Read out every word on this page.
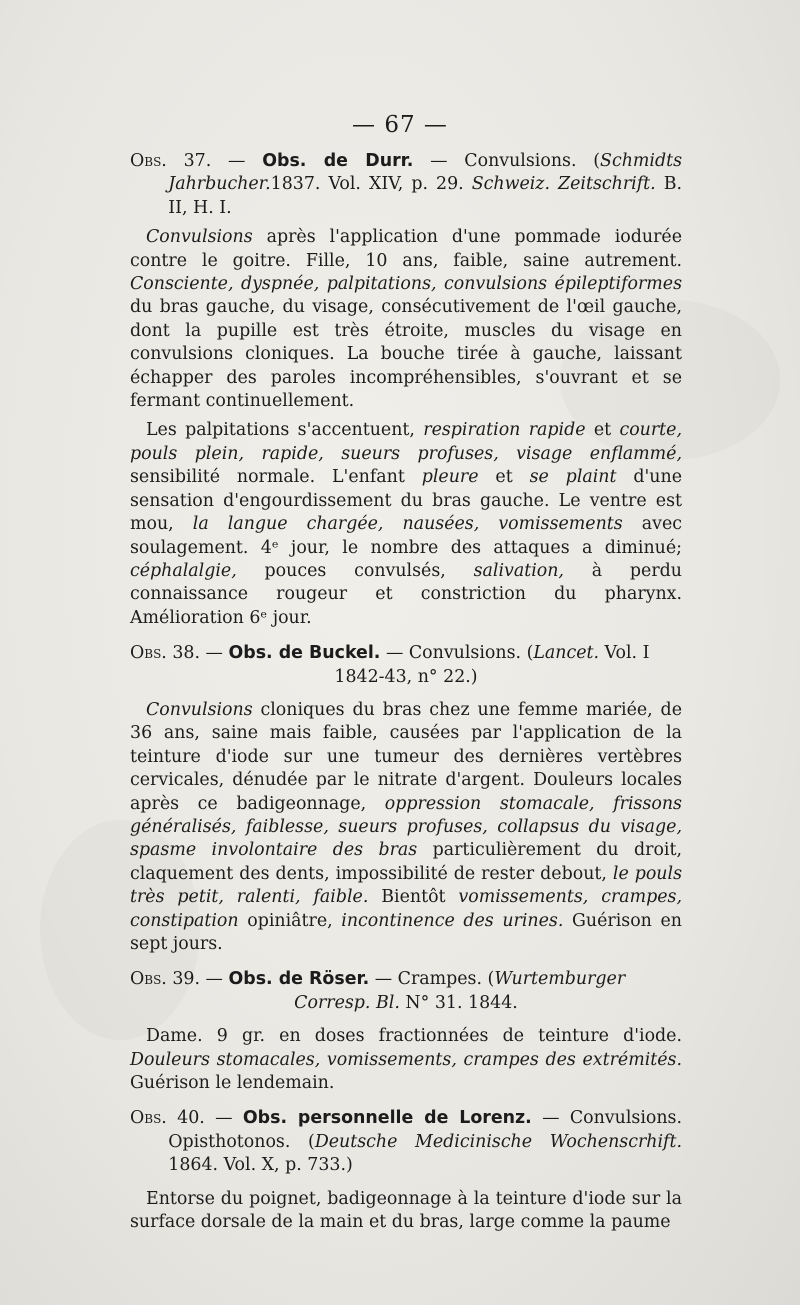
— 67 —

Obs. 37. — Obs. de Durr. — Convulsions. (Schmidts Jahrbucher.1837. Vol. XIV, p. 29. Schweiz. Zeitschrift. B. II, H. I.

Convulsions après l'application d'une pommade iodurée contre le goitre. Fille, 10 ans, faible, saine autrement. Consciente, dyspnée, palpitations, convulsions épileptiformes du bras gauche, du visage, consécutivement de l'œil gauche, dont la pupille est très étroite, muscles du visage en convulsions cloniques. La bouche tirée à gauche, laissant échapper des paroles incompréhensibles, s'ouvrant et se fermant continuellement.

Les palpitations s'accentuent, respiration rapide et courte, pouls plein, rapide, sueurs profuses, visage enflammé, sensibilité normale. L'enfant pleure et se plaint d'une sensation d'engourdissement du bras gauche. Le ventre est mou, la langue chargée, nausées, vomissements avec soulagement. 4ᵉ jour, le nombre des attaques a diminué; céphalalgie, pouces convulsés, salivation, à perdu connaissance rougeur et constriction du pharynx. Amélioration 6ᵉ jour.

Obs. 38. — Obs. de Buckel. — Convulsions. (Lancet. Vol. I
1842-43, n° 22.)

Convulsions cloniques du bras chez une femme mariée, de 36 ans, saine mais faible, causées par l'application de la teinture d'iode sur une tumeur des dernières vertèbres cervicales, dénudée par le nitrate d'argent. Douleurs locales après ce badigeonnage, oppression stomacale, frissons généralisés, faiblesse, sueurs profuses, collapsus du visage, spasme involontaire des bras particulièrement du droit, claquement des dents, impossibilité de rester debout, le pouls très petit, ralenti, faible. Bientôt vomissements, crampes, constipation opiniâtre, incontinence des urines. Guérison en sept jours.

Obs. 39. — Obs. de Röser. — Crampes. (Wurtemburger
Corresp. Bl. N° 31. 1844.

Dame. 9 gr. en doses fractionnées de teinture d'iode. Douleurs stomacales, vomissements, crampes des extrémités. Guérison le lendemain.

Obs. 40. — Obs. personnelle de Lorenz. — Convulsions. Opisthotonos. (Deutsche Medicinische Wochenscrhift. 1864. Vol. X, p. 733.)

Entorse du poignet, badigeonnage à la teinture d'iode sur la surface dorsale de la main et du bras, large comme la paume
